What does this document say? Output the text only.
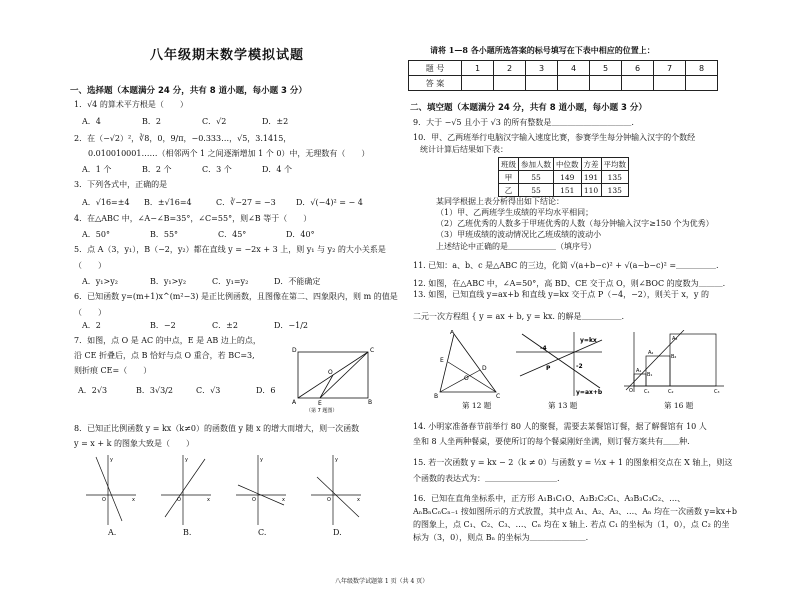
八年级期末数学模拟试题
一、选择题（本题满分 24 分，共有 8 道小题，每小题 3 分）
1．√4 的算术平方根是（　　）
A．4	B．2	C．√2	D．±2
2．在（−√2）²，∛8，0，9/π，−0.333…，√5，3.1415，
0.010010001……（相邻两个 1 之间逐渐增加 1 个 0）中，无理数有（　　）
A．1 个	B．2 个	C．3 个	D．4 个
3．下列各式中，正确的是
A．√16=±4	B．±√16=4	C．∛−27 = −3	D．√(−4)² = − 4
4．在△ABC 中，∠A−∠B=35°，∠C=55°，则∠B 等于（　　）
A．50°	B．55°	C．45°	D．40°
5．点 A（3，y₁），B（−2，y₂）都在直线 y = −2x + 3 上，则 y₁ 与 y₂ 的大小关系是
（　　）
A．y₁>y₂	B．y₁>y₂	C．y₁=y₂	D．不能确定
6．已知函数 y=(m+1)x^(m²−3) 是正比例函数，且图像在第二、四象限内，则 m 的值是
（　　）
A．2	B．−2	C．±2	D．−1/2
7．如图，点 O 是 AC 的中点，E 是 AB 边上的点，
沿 CE 折叠后，点 B 恰好与点 O 重合，若 BC=3,
则折痕 CE=（　　）
A．2√3	B．3√3/2	C．√3	D．6
D	C
A	B
E
O
（第 7 题图）
8．已知正比例函数 y = kx（k≠0）的函数值 y 随 x 的增大而增大，则一次函数
y = x + k 的图象大致是（　　）
y
x
O
y
x
O
y
x
O
y
x
O
A.	B.	C.	D.
请将 1—8 各小题所选答案的标号填写在下表中相应的位置上：
题 号	1	2	3	4	5	6	7	8
答 案								
二、填空题（本题满分 24 分，共有 8 道小题，每小题 3 分）
9．大于 −√5 且小于 √3 的所有整数是＿＿＿＿＿＿＿＿＿＿.
10．甲、乙两班举行电脑汉字输入速度比赛，参赛学生每分钟输入汉字的个数经
统计计算后结果如下表：
班级	参加人数	中位数	方差	平均数
甲	55	149	191	135
乙	55	151	110	135
某同学根据上表分析得出如下结论：
（1）甲、乙两班学生成绩的平均水平相同；
（2）乙班优秀的人数多于甲班优秀的人数（每分钟输入汉字≥150 个为优秀）
（3）甲班成绩的波动情况比乙班成绩的波动小
上述结论中正确的是＿＿＿＿＿＿（填序号）
11. 已知：a、b、c 是△ABC 的三边，化简 √(a+b−c)² + √(a−b−c)² =＿＿＿＿＿.
12. 如图，在△ABC 中，∠A=50°，高 BD、CE 交于点 O，则∠BOC 的度数为＿＿＿.
13. 如图，已知直线 y=ax+b 和直线 y=kx 交于点 P（−4，−2），则关于 x，y 的
二元一次方程组 { y = ax + b, y = kx. 的解是＿＿＿＿＿.
A
B	C
E
D
O
y=kx
y=ax+b
-4
-2
P	A₁
A₂
A₃
B₁
B₂
O C₁	C₂	C₃
第 12 题	第 13 题	第 16 题
14. 小明家准备春节前举行 80 人的聚餐，需要去某餐馆订餐，据了解餐馆有 10 人
坐和 8 人坐两种餐桌，要使所订的每个餐桌刚好坐满，则订餐方案共有＿＿种.
15. 若一次函数 y = kx − 2（k ≠ 0）与函数 y = ½x + 1 的图象相交点在 X 轴上，则这
个函数的表达式为：＿＿＿＿＿＿＿＿＿.
16．已知在直角坐标系中，正方形 A₁B₁C₁O、A₂B₂C₂C₁、A₃B₃C₃C₂、…、
AₙBₙCₙCₙ₋₁ 按如图所示的方式放置，其中点 A₁、A₂、A₃、…、Aₙ 均在一次函数 y=kx+b
的图象上，点 C₁、C₂、C₃、…、Cₙ 均在 x 轴上. 若点 C₁ 的坐标为（1，0），点 C₂ 的坐
标为（3，0），则点 Bₙ 的坐标为＿＿＿＿＿＿＿.
八年级数学试题第 1 页（共 4 页）
